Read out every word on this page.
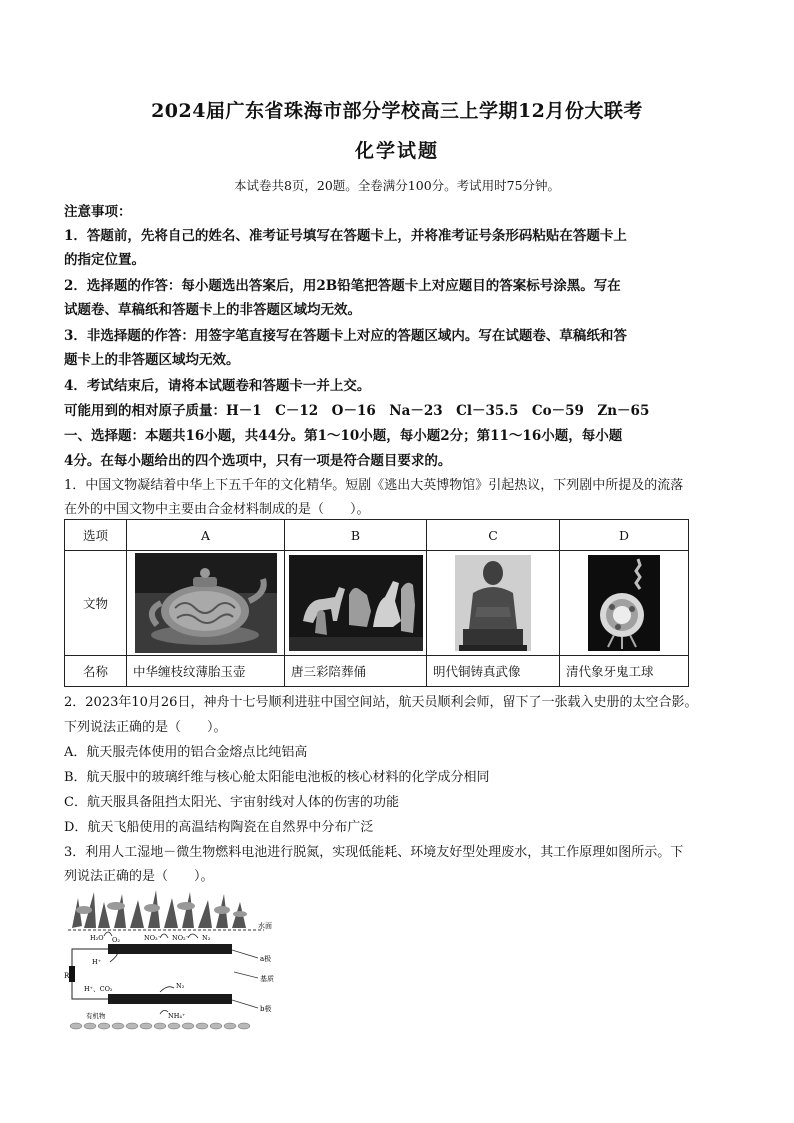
2024届广东省珠海市部分学校高三上学期12月份大联考
化学试题
本试卷共8页，20题。全卷满分100分。考试用时75分钟。
注意事项：
1．答题前，先将自己的姓名、准考证号填写在答题卡上，并将准考证号条形码粘贴在答题卡上
的指定位置。
2．选择题的作答：每小题选出答案后，用2B铅笔把答题卡上对应题目的答案标号涂黑。写在
试题卷、草稿纸和答题卡上的非答题区域均无效。
3．非选择题的作答：用签字笔直接写在答题卡上对应的答题区域内。写在试题卷、草稿纸和答
题卡上的非答题区域均无效。
4．考试结束后，请将本试题卷和答题卡一并上交。
可能用到的相对原子质量：H－1　C－12　O－16　Na－23　Cl－35.5　Co－59　Zn－65
一、选择题：本题共16小题，共44分。第1～10小题，每小题2分；第11～16小题，每小题
4分。在每小题给出的四个选项中，只有一项是符合题目要求的。
1．中国文物凝结着中华上下五千年的文化精华。短剧《逃出大英博物馆》引起热议，下列剧中所提及的流落
在外的中国文物中主要由合金材料制成的是（　　）。
选项	A	B	C	D
文物	

名称	中华缠枝纹薄胎玉壶	唐三彩陪葬俑	明代铜铸真武像	清代象牙鬼工球
2．2023年10月26日，神舟十七号顺利进驻中国空间站，航天员顺利会师，留下了一张载入史册的太空合影。
下列说法正确的是（　　）。
A．航天服壳体使用的铝合金熔点比纯铝高
B．航天服中的玻璃纤维与核心舱太阳能电池板的核心材料的化学成分相同
C．航天服具备阻挡太阳光、宇宙射线对人体的伤害的功能
D．航天飞船使用的高温结构陶瓷在自然界中分布广泛
3．利用人工湿地－微生物燃料电池进行脱氮，实现低能耗、环境友好型处理废水，其工作原理如图所示。下
列说法正确的是（　　）。
水面
a极
基质
b极
R
H₂O O₂	NO₃⁻ NO₂⁻ N₂
H⁺
H⁺、CO₂	N₂
有机物	NH₄⁺
